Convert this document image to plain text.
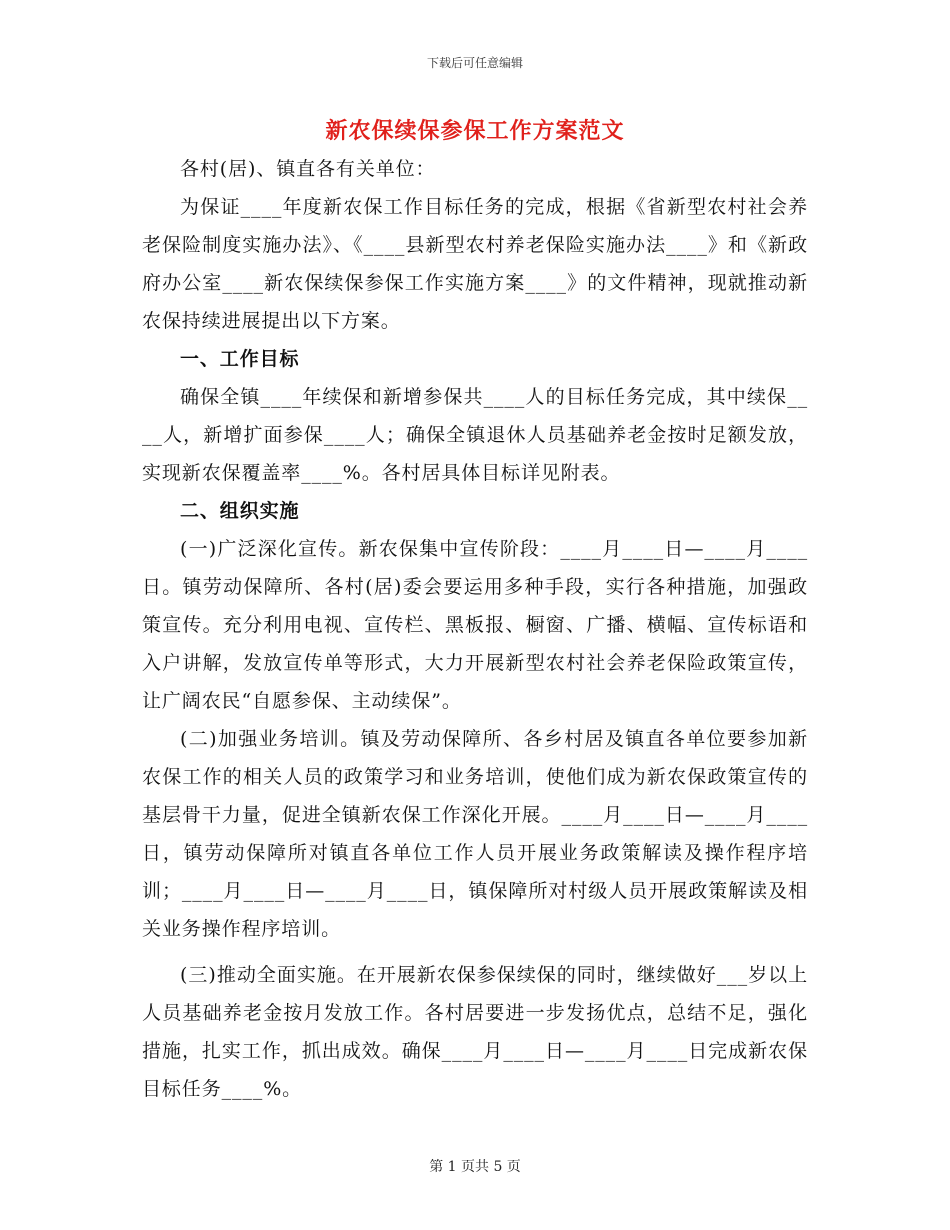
下载后可任意编辑
新农保续保参保工作方案范文

各村(居)、镇直各有关单位：

为保证____年度新农保工作目标任务的完成，根据《省新型农村社会养老保险制度实施办法》、《____县新型农村养老保险实施办法____》和《新政府办公室____新农保续保参保工作实施方案____》的文件精神，现就推动新农保持续进展提出以下方案。

一、工作目标

确保全镇____年续保和新增参保共____人的目标任务完成，其中续保____人，新增扩面参保____人；确保全镇退休人员基础养老金按时足额发放，实现新农保覆盖率____%。各村居具体目标详见附表。

二、组织实施

(一)广泛深化宣传。新农保集中宣传阶段：____月____日—____月____日。镇劳动保障所、各村(居)委会要运用多种手段，实行各种措施，加强政策宣传。充分利用电视、宣传栏、黑板报、橱窗、广播、横幅、宣传标语和入户讲解，发放宣传单等形式，大力开展新型农村社会养老保险政策宣传，让广阔农民“自愿参保、主动续保”。

(二)加强业务培训。镇及劳动保障所、各乡村居及镇直各单位要参加新农保工作的相关人员的政策学习和业务培训，使他们成为新农保政策宣传的基层骨干力量，促进全镇新农保工作深化开展。____月____日—____月____日，镇劳动保障所对镇直各单位工作人员开展业务政策解读及操作程序培训；____月____日—____月____日，镇保障所对村级人员开展政策解读及相关业务操作程序培训。

(三)推动全面实施。在开展新农保参保续保的同时，继续做好___岁以上人员基础养老金按月发放工作。各村居要进一步发扬优点，总结不足，强化措施，扎实工作，抓出成效。确保____月____日—____月____日完成新农保目标任务____%。

第 1 页共 5 页
